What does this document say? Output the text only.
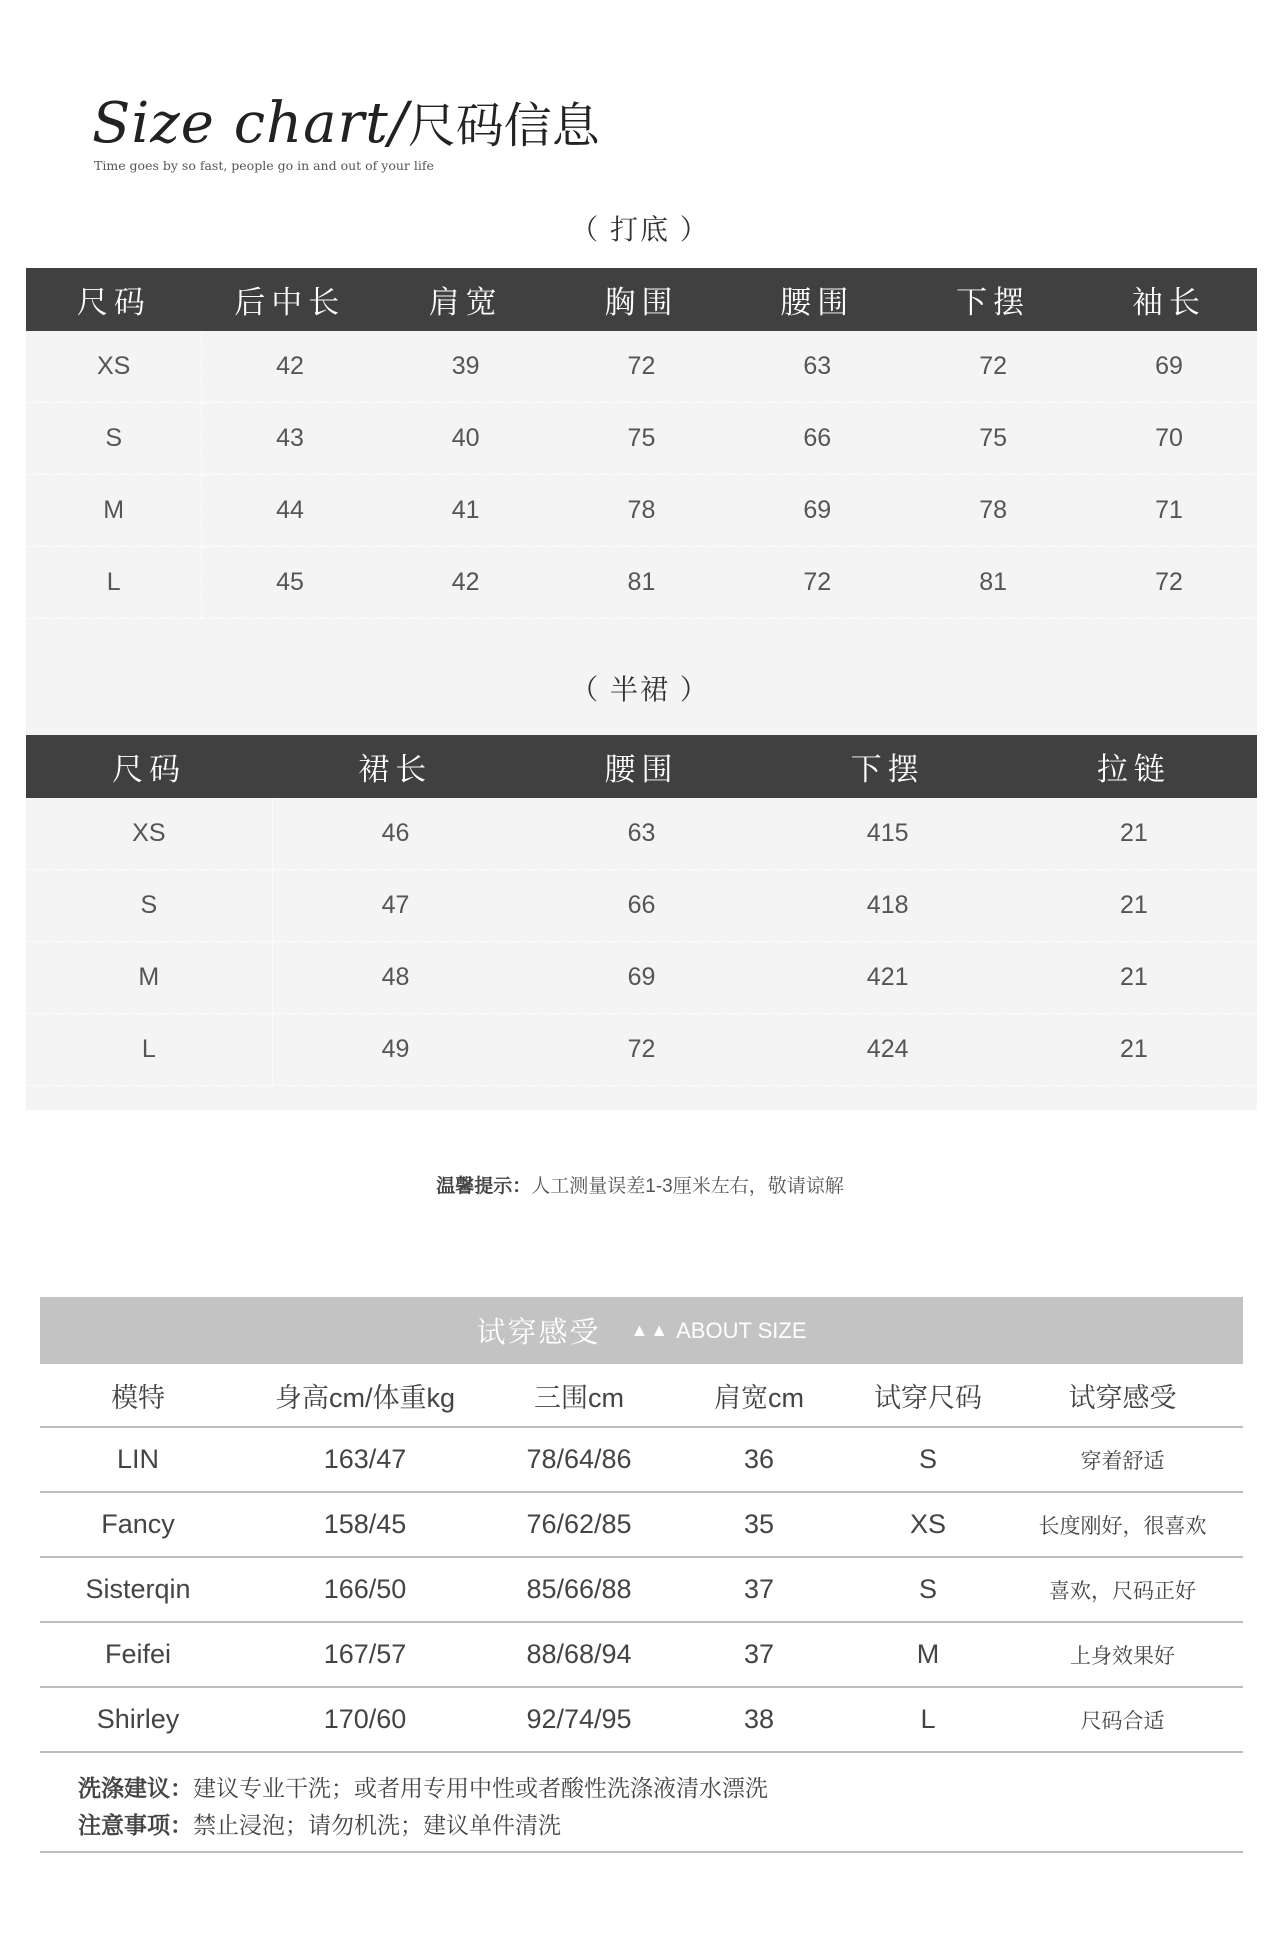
Size chart/尺码信息
Time goes by so fast, people go in and out of your life
（ 打底 ）
尺码	后中长	肩宽	胸围	腰围	下摆	袖长
XS	42	39	72	63	72	69
S	43	40	75	66	75	70
M	44	41	78	69	78	71
L	45	42	81	72	81	72
（ 半裙 ）
尺码	裙长	腰围	下摆	拉链
XS	46	63	415	21
S	47	66	418	21
M	48	69	421	21
L	49	72	424	21
温馨提示：人工测量误差1-3厘米左右，敬请谅解
试穿感受 ▲▲ ABOUT SIZE
模特	身高cm/体重kg	三围cm	肩宽cm	试穿尺码	试穿感受
LIN	163/47	78/64/86	36	S	穿着舒适
Fancy	158/45	76/62/85	35	XS	长度刚好，很喜欢
Sisterqin	166/50	85/66/88	37	S	喜欢，尺码正好
Feifei	167/57	88/68/94	37	M	上身效果好
Shirley	170/60	92/74/95	38	L	尺码合适
洗涤建议：建议专业干洗；或者用专用中性或者酸性洗涤液清水漂洗
注意事项：禁止浸泡；请勿机洗；建议单件清洗
